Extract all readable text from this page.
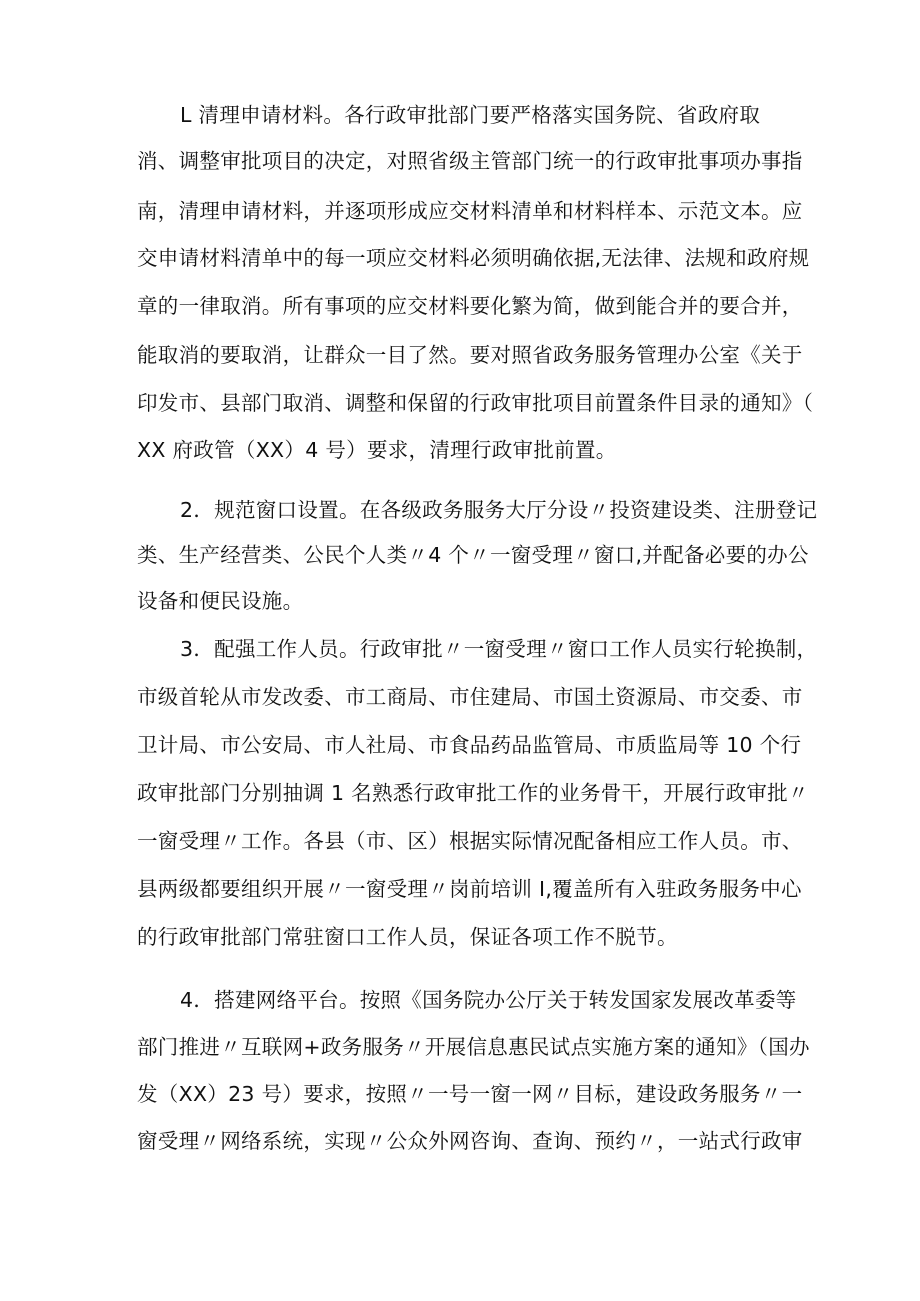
L 清理申请材料。各行政审批部门要严格落实国务院、省政府取
消、调整审批项目的决定，对照省级主管部门统一的行政审批事项办事指
南，清理申请材料，并逐项形成应交材料清单和材料样本、示范文本。应
交申请材料清单中的每一项应交材料必须明确依据,无法律、法规和政府规
章的一律取消。所有事项的应交材料要化繁为简，做到能合并的要合并，
能取消的要取消，让群众一目了然。要对照省政务服务管理办公室《关于
印发市、县部门取消、调整和保留的行政审批项目前置条件目录的通知》（
XX 府政管（XX）4 号）要求，清理行政审批前置。
2．规范窗口设置。在各级政务服务大厅分设〃投资建设类、注册登记
类、生产经营类、公民个人类〃4 个〃一窗受理〃窗口,并配备必要的办公
设备和便民设施。
3．配强工作人员。行政审批〃一窗受理〃窗口工作人员实行轮换制，
市级首轮从市发改委、市工商局、市住建局、市国土资源局、市交委、市
卫计局、市公安局、市人社局、市食品药品监管局、市质监局等 10 个行
政审批部门分别抽调 1 名熟悉行政审批工作的业务骨干，开展行政审批〃
一窗受理〃工作。各县（市、区）根据实际情况配备相应工作人员。市、
县两级都要组织开展〃一窗受理〃岗前培训 I,覆盖所有入驻政务服务中心
的行政审批部门常驻窗口工作人员，保证各项工作不脱节。
4．搭建网络平台。按照《国务院办公厅关于转发国家发展改革委等
部门推进〃互联网+政务服务〃开展信息惠民试点实施方案的通知》（国办
发（XX）23 号）要求，按照〃一号一窗一网〃目标，建设政务服务〃一
窗受理〃网络系统，实现〃公众外网咨询、查询、预约〃，一站式行政审
